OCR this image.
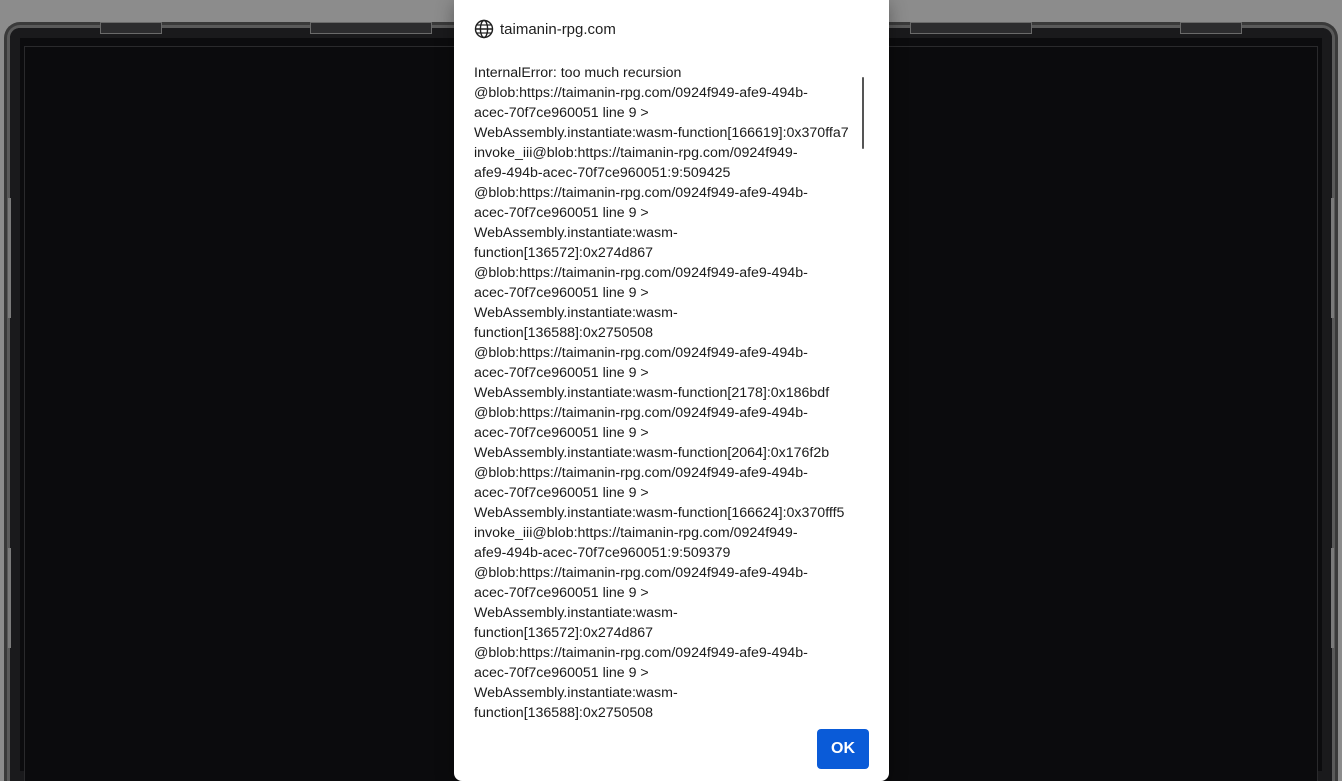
taimanin-rpg.com
InternalError: too much recursion
@blob:https://taimanin-rpg.com/0924f949-afe9-494b-
acec-70f7ce960051 line 9 >
WebAssembly.instantiate:wasm-function[166619]:0x370ffa7
invoke_iii@blob:https://taimanin-rpg.com/0924f949-
afe9-494b-acec-70f7ce960051:9:509425
@blob:https://taimanin-rpg.com/0924f949-afe9-494b-
acec-70f7ce960051 line 9 >
WebAssembly.instantiate:wasm-
function[136572]:0x274d867
@blob:https://taimanin-rpg.com/0924f949-afe9-494b-
acec-70f7ce960051 line 9 >
WebAssembly.instantiate:wasm-
function[136588]:0x2750508
@blob:https://taimanin-rpg.com/0924f949-afe9-494b-
acec-70f7ce960051 line 9 >
WebAssembly.instantiate:wasm-function[2178]:0x186bdf
@blob:https://taimanin-rpg.com/0924f949-afe9-494b-
acec-70f7ce960051 line 9 >
WebAssembly.instantiate:wasm-function[2064]:0x176f2b
@blob:https://taimanin-rpg.com/0924f949-afe9-494b-
acec-70f7ce960051 line 9 >
WebAssembly.instantiate:wasm-function[166624]:0x370fff5
invoke_iii@blob:https://taimanin-rpg.com/0924f949-
afe9-494b-acec-70f7ce960051:9:509379
@blob:https://taimanin-rpg.com/0924f949-afe9-494b-
acec-70f7ce960051 line 9 >
WebAssembly.instantiate:wasm-
function[136572]:0x274d867
@blob:https://taimanin-rpg.com/0924f949-afe9-494b-
acec-70f7ce960051 line 9 >
WebAssembly.instantiate:wasm-
function[136588]:0x2750508
OK
